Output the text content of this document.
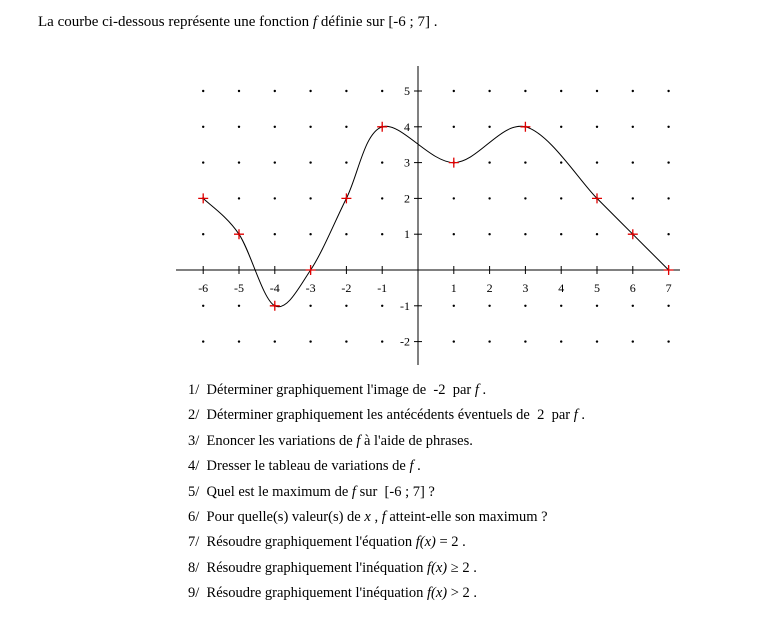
La courbe ci-dessous représente une fonction f définie sur [-6 ; 7] .
-6 -5 -4 -3 -2 -1	1 2 3 4 5 6 7
5
4
3
2
1
-1
-2
1/  Déterminer graphiquement l'image de  -2  par f .
2/  Déterminer graphiquement les antécédents éventuels de  2  par f .
3/  Enoncer les variations de f à l'aide de phrases.
4/  Dresser le tableau de variations de f .
5/  Quel est le maximum de f sur  [-6 ; 7] ?
6/  Pour quelle(s) valeur(s) de x , f atteint-elle son maximum ?
7/  Résoudre graphiquement l'équation f(x) = 2 .
8/  Résoudre graphiquement l'inéquation f(x) ≥ 2 .
9/  Résoudre graphiquement l'inéquation f(x) > 2 .
